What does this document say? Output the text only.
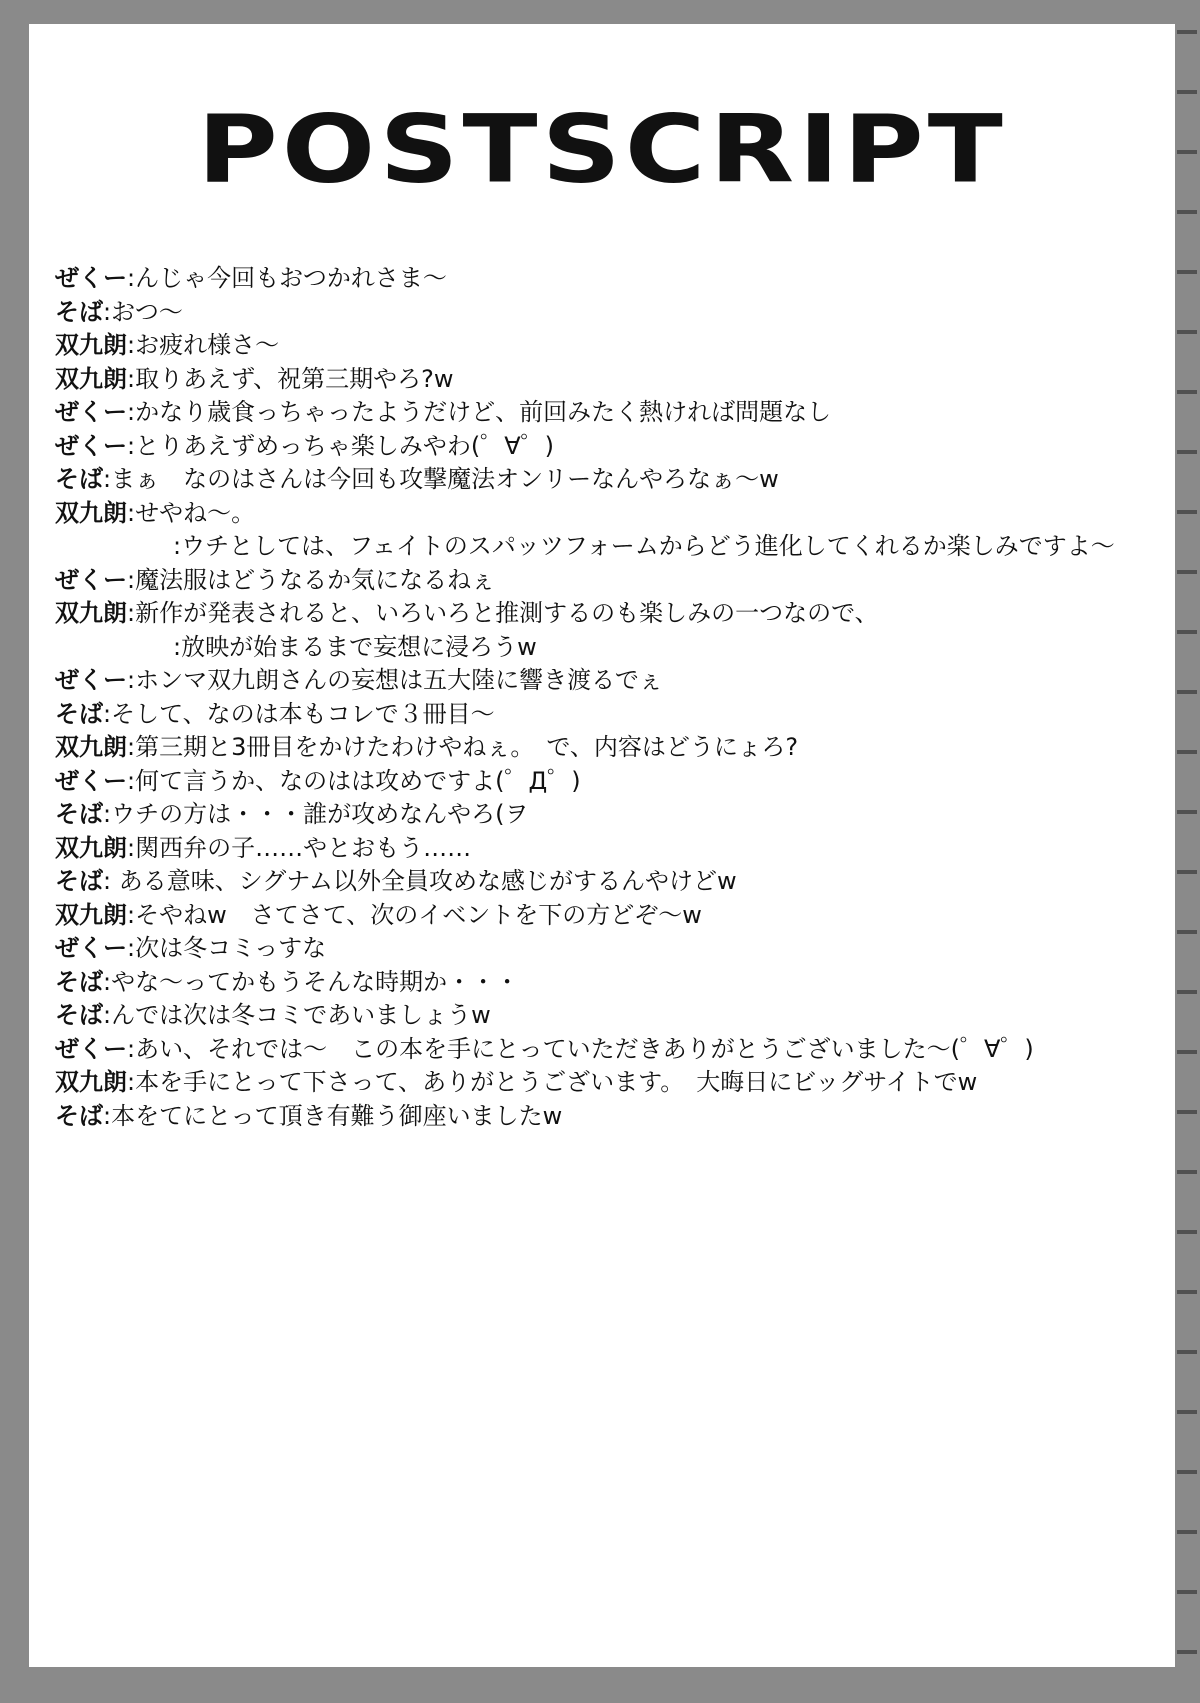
POSTSCRIPT
ぜくー:んじゃ今回もおつかれさま～
そば:おつ～
双九朗:お疲れ様さ～
双九朗:取りあえず、祝第三期やろ?w
ぜくー:かなり歳食っちゃったようだけど、前回みたく熱ければ問題なし
ぜくー:とりあえずめっちゃ楽しみやわ(゜∀゜)
そば:まぁ　なのはさんは今回も攻撃魔法オンリーなんやろなぁ～w
双九朗:せやね～。
:ウチとしては、フェイトのスパッツフォームからどう進化してくれるか楽しみですよ～
ぜくー:魔法服はどうなるか気になるねぇ
双九朗:新作が発表されると、いろいろと推測するのも楽しみの一つなので、
:放映が始まるまで妄想に浸ろうw
ぜくー:ホンマ双九朗さんの妄想は五大陸に響き渡るでぇ
そば:そして、なのは本もコレで３冊目～
双九朗:第三期と3冊目をかけたわけやねぇ。　で、内容はどうにょろ?
ぜくー:何て言うか、なのはは攻めですよ(゜Д゜)
そば:ウチの方は・・・誰が攻めなんやろ(ヲ
双九朗:関西弁の子……やとおもう……
そば: ある意味、シグナム以外全員攻めな感じがするんやけどw
双九朗:そやねw　さてさて、次のイベントを下の方どぞ～w
ぜくー:次は冬コミっすな
そば:やな～ってかもうそんな時期か・・・
そば:んでは次は冬コミであいましょうw
ぜくー:あい、それでは～　この本を手にとっていただきありがとうございました～(゜∀゜)
双九朗:本を手にとって下さって、ありがとうございます。　大晦日にビッグサイトでw
そば:本をてにとって頂き有難う御座いましたw
